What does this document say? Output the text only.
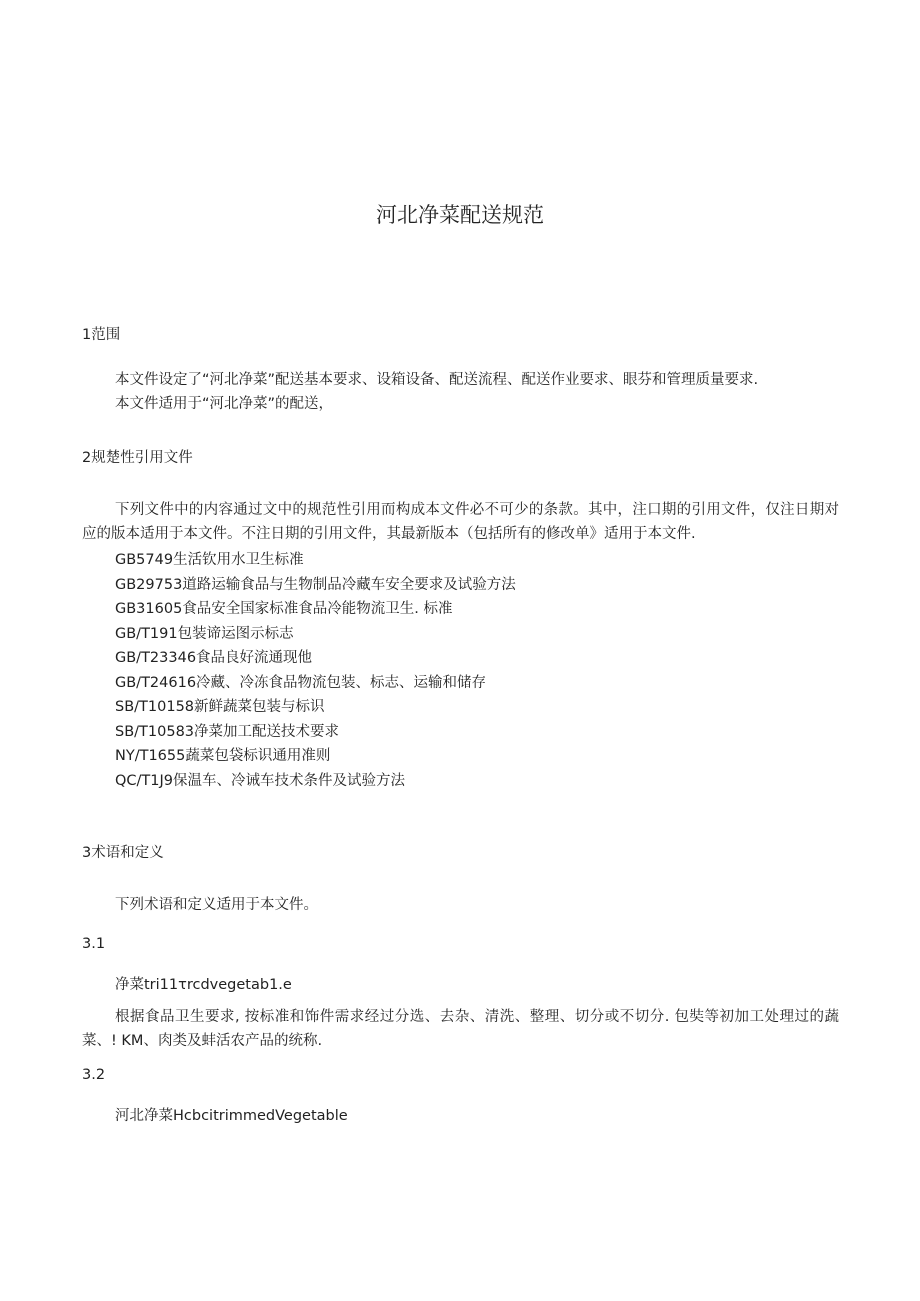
河北净菜配送规范
1范围
本文件设定了“河北净菜”配送基本要求、设箱设备、配送流程、配送作业要求、眼芬和管理质量要求.
本文件适用于“河北净菜”的配送，
2规楚性引用文件
下列文件中的内容通过文中的规范性引用而构成本文件必不可少的条款。其中，注口期的引用文件，仅注日期对应的版本适用于本文件。不注日期的引用文件，其最新版本（包括所有的修改单》适用于本文件.
GB5749生活钦用水卫生标准
GB29753道路运输食品与生物制品冷藏车安全要求及试验方法
GB31605食品安全国家标准食品冷能物流卫生. 标准
GB/T191包装谛运图示标志
GB/T23346食品良好流通现他
GB/T24616冷藏、冷冻食品物流包装、标志、运输和储存
SB/T10158新鲜蔬菜包装与标识
SB/T10583净菜加工配送技术要求
NY/T1655蔬菜包袋标识通用准则
QC/T1J9保温车、冷诫车技术条件及试验方法
3术语和定义
下列术语和定义适用于本文件。
3.1
净菜tri11τrcdvegetab1.e
根据食品卫生要求, 按标准和饰件需求经过分选、去杂、清洗、整理、切分或不切分. 包奘等初加工处理过的蔬菜、! KM、肉类及蚌活农产品的统称.
3.2
河北净菜HcbcitrimmedVegetable
